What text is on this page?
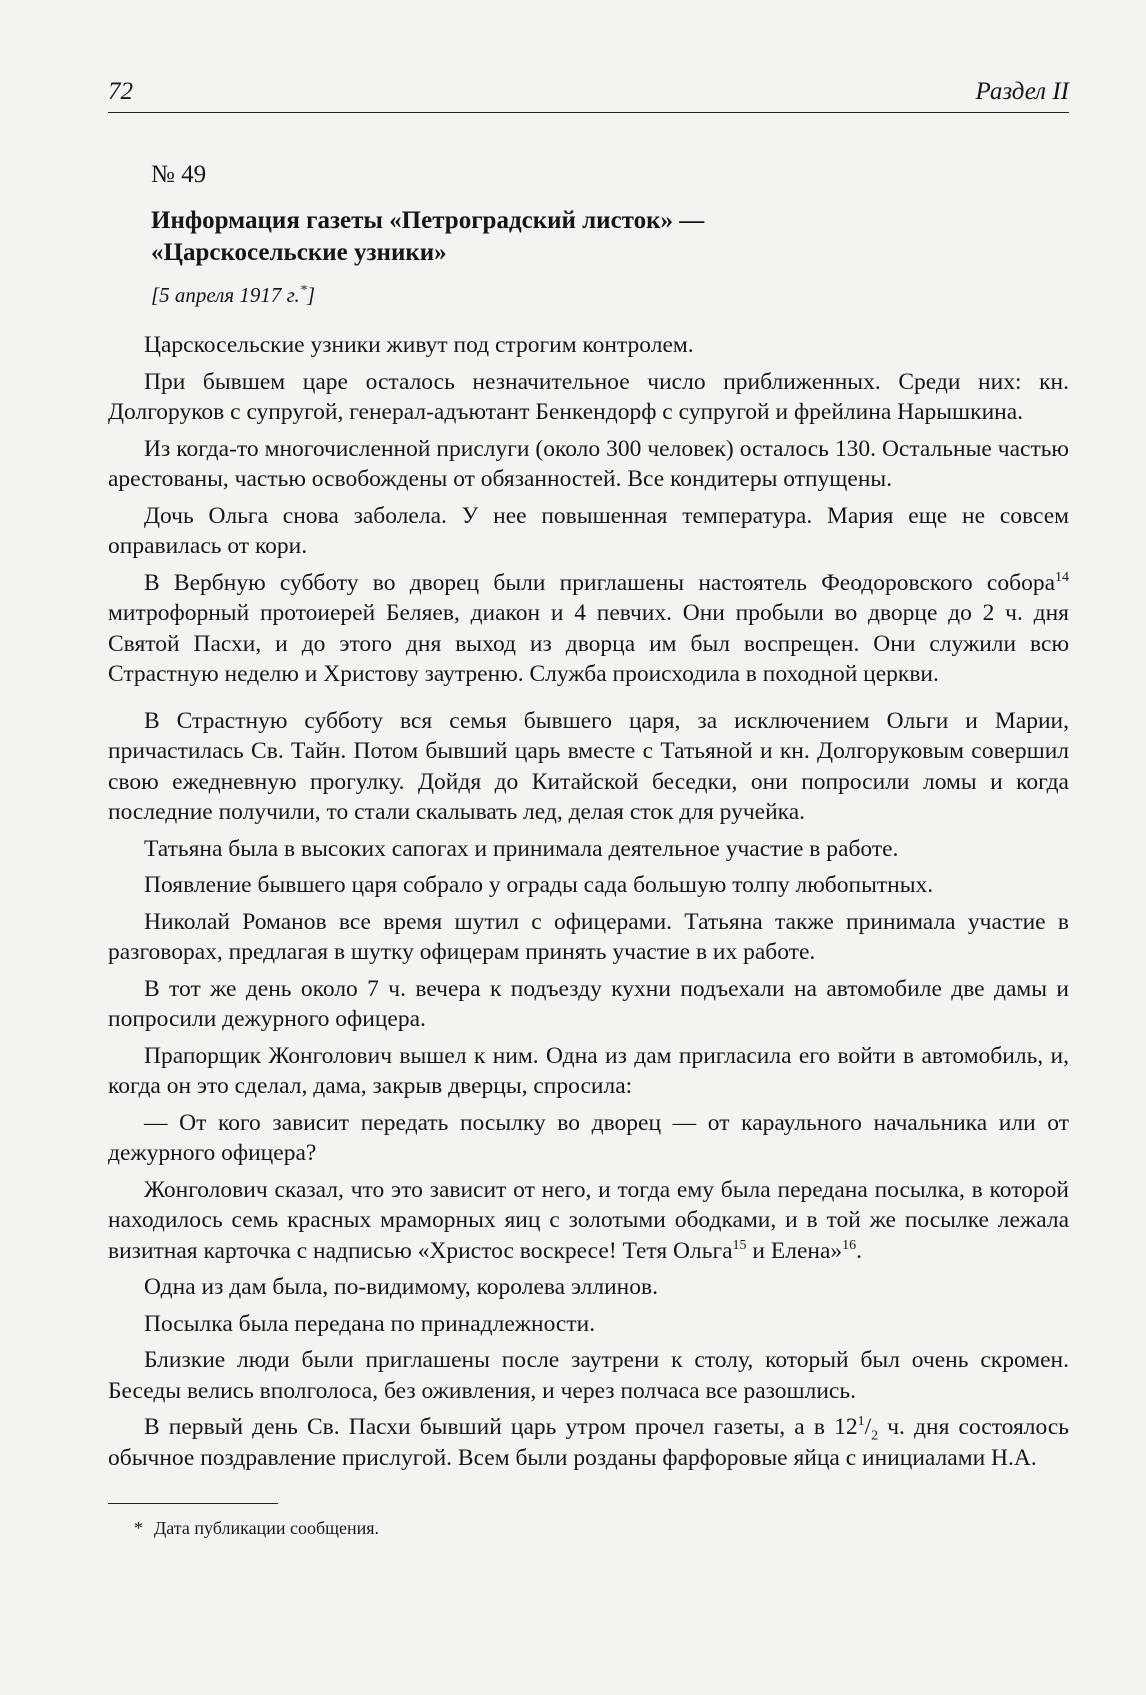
72	Раздел II
№ 49
Информация газеты «Петроградский листок» — «Царскосельские узники»
[5 апреля 1917 г.*]

Царскосельские узники живут под строгим контролем.

При бывшем царе осталось незначительное число приближенных. Среди них: кн. Долгоруков с супругой, генерал-адъютант Бенкендорф с супругой и фрейлина Нарышкина.

Из когда-то многочисленной прислуги (около 300 человек) осталось 130. Остальные частью арестованы, частью освобождены от обязанностей. Все кондитеры отпущены.

Дочь Ольга снова заболела. У нее повышенная температура. Мария еще не совсем оправилась от кори.

В Вербную субботу во дворец были приглашены настоятель Феодоровского собора$^{14}$ митрофорный протоиерей Беляев, диакон и 4 певчих. Они пробыли во дворце до 2 ч. дня Святой Пасхи, и до этого дня выход из дворца им был воспрещен. Они служили всю Страстную неделю и Христову заутреню. Служба происходила в походной церкви.

В Страстную субботу вся семья бывшего царя, за исключением Ольги и Марии, причастилась Св. Тайн. Потом бывший царь вместе с Татьяной и кн. Долгоруковым совершил свою ежедневную прогулку. Дойдя до Китайской беседки, они попросили ломы и когда последние получили, то стали скалывать лед, делая сток для ручейка.

Татьяна была в высоких сапогах и принимала деятельное участие в работе.

Появление бывшего царя собрало у ограды сада большую толпу любопытных.

Николай Романов все время шутил с офицерами. Татьяна также принимала участие в разговорах, предлагая в шутку офицерам принять участие в их работе.

В тот же день около 7 ч. вечера к подъезду кухни подъехали на автомобиле две дамы и попросили дежурного офицера.

Прапорщик Жонголович вышел к ним. Одна из дам пригласила его войти в автомобиль, и, когда он это сделал, дама, закрыв дверцы, спросила:

— От кого зависит передать посылку во дворец — от караульного начальника или от дежурного офицера?

Жонголович сказал, что это зависит от него, и тогда ему была передана посылка, в которой находилось семь красных мраморных яиц с золотыми ободками, и в той же посылке лежала визитная карточка с надписью «Христос воскресе! Тетя Ольга$^{15}$ и Елена»$^{16}$.

Одна из дам была, по-видимому, королева эллинов.

Посылка была передана по принадлежности.

Близкие люди были приглашены после заутрени к столу, который был очень скромен. Беседы велись вполголоса, без оживления, и через полчаса все разошлись.

В первый день Св. Пасхи бывший царь утром прочел газеты, а в $12^1/_2$ ч. дня состоялось обычное поздравление прислугой. Всем были розданы фарфоровые яйца с инициалами Н.А.

* Дата публикации сообщения.
